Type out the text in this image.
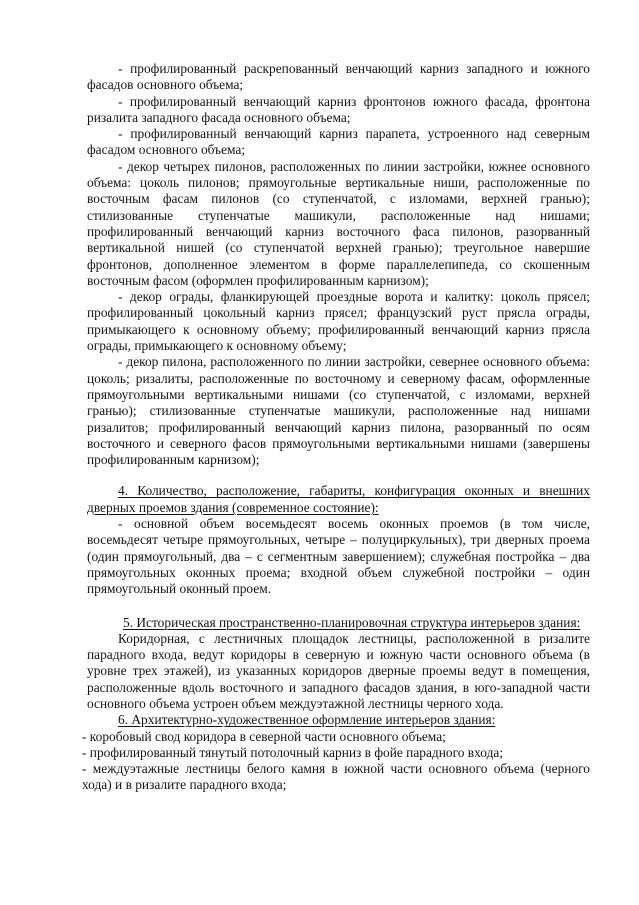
- профилированный раскрепованный венчающий карниз западного и южного фасадов основного объема;

- профилированный венчающий карниз фронтонов южного фасада, фронтона ризалита западного фасада основного объема;

- профилированный венчающий карниз парапета, устроенного над северным фасадом основного объема;

- декор четырех пилонов, расположенных по линии застройки, южнее основного объема: цоколь пилонов; прямоугольные вертикальные ниши, расположенные по восточным фасам пилонов (со ступенчатой, с изломами, верхней гранью); стилизованные ступенчатые машикули, расположенные над нишами; профилированный венчающий карниз восточного фаса пилонов, разорванный вертикальной нишей (со ступенчатой верхней гранью); треугольное навершие фронтонов, дополненное элементом в форме параллелепипеда, со скошенным восточным фасом (оформлен профилированным карнизом);

- декор ограды, фланкирующей проездные ворота и калитку: цоколь прясел; профилированный цокольный карниз прясел; французский руст прясла ограды, примыкающего к основному объему; профилированный венчающий карниз прясла ограды, примыкающего к основному объему;

- декор пилона, расположенного по линии застройки, севернее основного объема: цоколь; ризалиты, расположенные по восточному и северному фасам, оформленные прямоугольными вертикальными нишами (со ступенчатой, с изломами, верхней гранью); стилизованные ступенчатые машикули, расположенные над нишами ризалитов; профилированный венчающий карниз пилона, разорванный по осям восточного и северного фасов прямоугольными вертикальными нишами (завершены профилированным карнизом);

4. Количество, расположение, габариты, конфигурация оконных и внешних дверных проемов здания (современное состояние):

- основной объем восемьдесят восемь оконных проемов (в том числе, восемьдесят четыре прямоугольных, четыре – полуциркульных), три дверных проема (один прямоугольный, два – с сегментным завершением); служебная постройка – два прямоугольных оконных проема; входной объем служебной постройки – один прямоугольный оконный проем.

5. Историческая пространственно-планировочная структура интерьеров здания:

Коридорная, с лестничных площадок лестницы, расположенной в ризалите парадного входа, ведут коридоры в северную и южную части основного объема (в уровне трех этажей), из указанных коридоров дверные проемы ведут в помещения, расположенные вдоль восточного и западного фасадов здания, в юго-западной части основного объема устроен объем междуэтажной лестницы черного хода.

6. Архитектурно-художественное оформление интерьеров здания:

- коробовый свод коридора в северной части основного объема;

- профилированный тянутый потолочный карниз в фойе парадного входа;

- междуэтажные лестницы белого камня в южной части основного объема (черного хода) и в ризалите парадного входа;
